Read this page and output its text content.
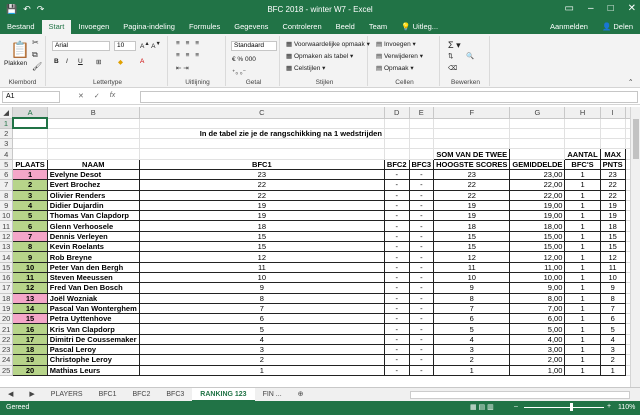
💾 ↶ ↷	BFC 2018 - winter W7 - Excel	▭ – □ ✕
Bestand	Start	Invoegen	Pagina-indeling	Formules	Gegevens	Controleren	Beeld	Team	💡 Uitleg...	Aanmelden	👤 Delen
📋
Plakken
✂
⧉
🖌
Klembord
Arial	10	A▲ A▼
B I U ⊞	◆	A
Lettertype
≡ ≡ ≡
≡ ≡ ≡
⇤ ⇥
Uitlijning
Standaard
€ % 000
⁺₀ ₀⁻
Getal
▦ Voorwaardelijke opmaak ▾
▦ Opmaken als tabel ▾
▦ Celstijlen ▾
Stijlen
▤ Invoegen ▾
▤ Verwijderen ▾
▤ Opmaak ▾
Cellen
Σ ▾
⇅ 🔍
⌫
Bewerken	⌃
A1	✕ ✓ fx
◢	A	B	C	D	E	F	G	H	I	
1										
2			In de tabel zie je de rangschikking na 1 wedstrijden							
3										
4						SOM VAN DE TWEE		AANTAL	MAX	
5	PLAATS	NAAM	BFC1	BFC2	BFC3	HOOGSTE SCORES	GEMIDDELDE	BFC'S	PNTS	
6	1	Evelyne Desot	23	-	-	23	23,00	1	23	
7	2	Evert Brochez	22	-	-	22	22,00	1	22	
8	3	Olivier Renders	22	-	-	22	22,00	1	22	
9	4	Didier Dujardin	19	-	-	19	19,00	1	19	
10	5	Thomas Van Clapdorp	19	-	-	19	19,00	1	19	
11	6	Glenn Verhoosele	18	-	-	18	18,00	1	18	
12	7	Dennis Verleyen	15	-	-	15	15,00	1	15	
13	8	Kevin Roelants	15	-	-	15	15,00	1	15	
14	9	Rob Breyne	12	-	-	12	12,00	1	12	
15	10	Peter Van den Bergh	11	-	-	11	11,00	1	11	
16	11	Steven Meeussen	10	-	-	10	10,00	1	10	
17	12	Fred Van Den Bosch	9	-	-	9	9,00	1	9	
18	13	Joël Wozniak	8	-	-	8	8,00	1	8	
19	14	Pascal Van Wonterghem	7	-	-	7	7,00	1	7	
20	15	Petra Uyttenhove	6	-	-	6	6,00	1	6	
21	16	Kris Van Clapdorp	5	-	-	5	5,00	1	5	
22	17	Dimitri De Coussemaker	4	-	-	4	4,00	1	4	
23	18	Pascal Leroy	3	-	-	3	3,00	1	3	
24	19	Christophe Leroy	2	-	-	2	2,00	1	2	
25	20	Mathias Leurs	1	-	-	1	1,00	1	1	
◀	▶	PLAYERS	BFC1	BFC2	BFC3	RANKING 123	FIN ...	⊕
Gereed	▦ ▤ ▥	–	+ 110%
